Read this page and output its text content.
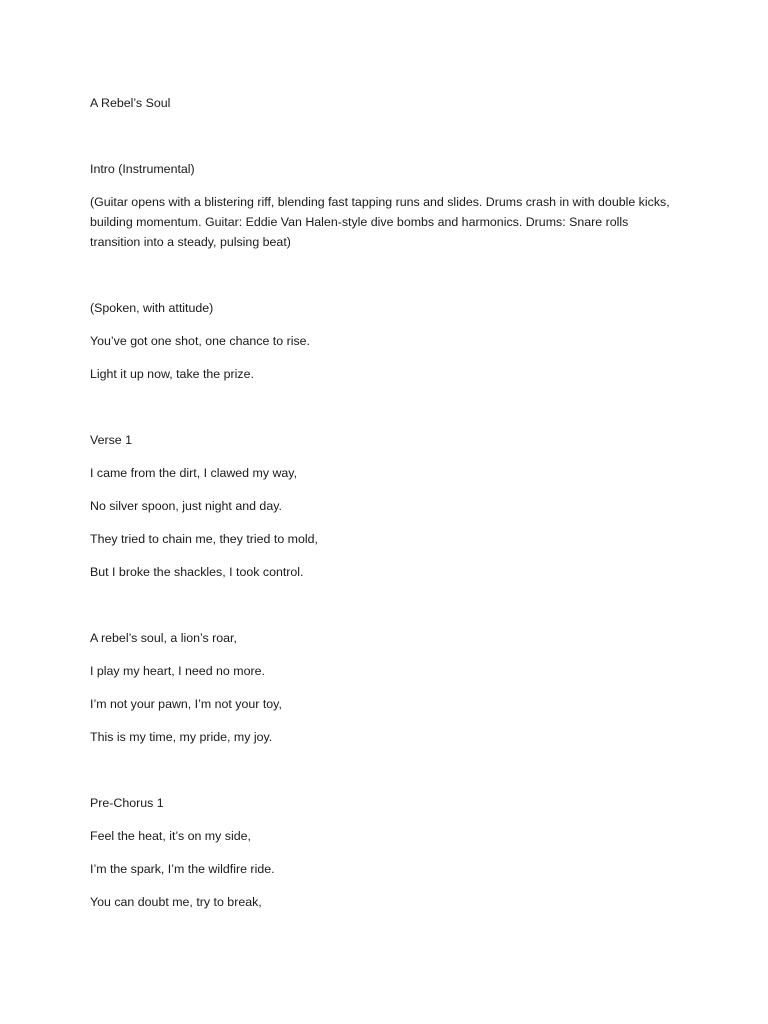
A Rebel’s Soul

Intro (Instrumental)

(Guitar opens with a blistering riff, blending fast tapping runs and slides. Drums crash in with double kicks, building momentum. Guitar: Eddie Van Halen-style dive bombs and harmonics. Drums: Snare rolls transition into a steady, pulsing beat)

(Spoken, with attitude)

You’ve got one shot, one chance to rise.

Light it up now, take the prize.

Verse 1

I came from the dirt, I clawed my way,

No silver spoon, just night and day.

They tried to chain me, they tried to mold,

But I broke the shackles, I took control.

A rebel’s soul, a lion’s roar,

I play my heart, I need no more.

I’m not your pawn, I’m not your toy,

This is my time, my pride, my joy.

Pre-Chorus 1

Feel the heat, it’s on my side,

I’m the spark, I’m the wildfire ride.

You can doubt me, try to break,
